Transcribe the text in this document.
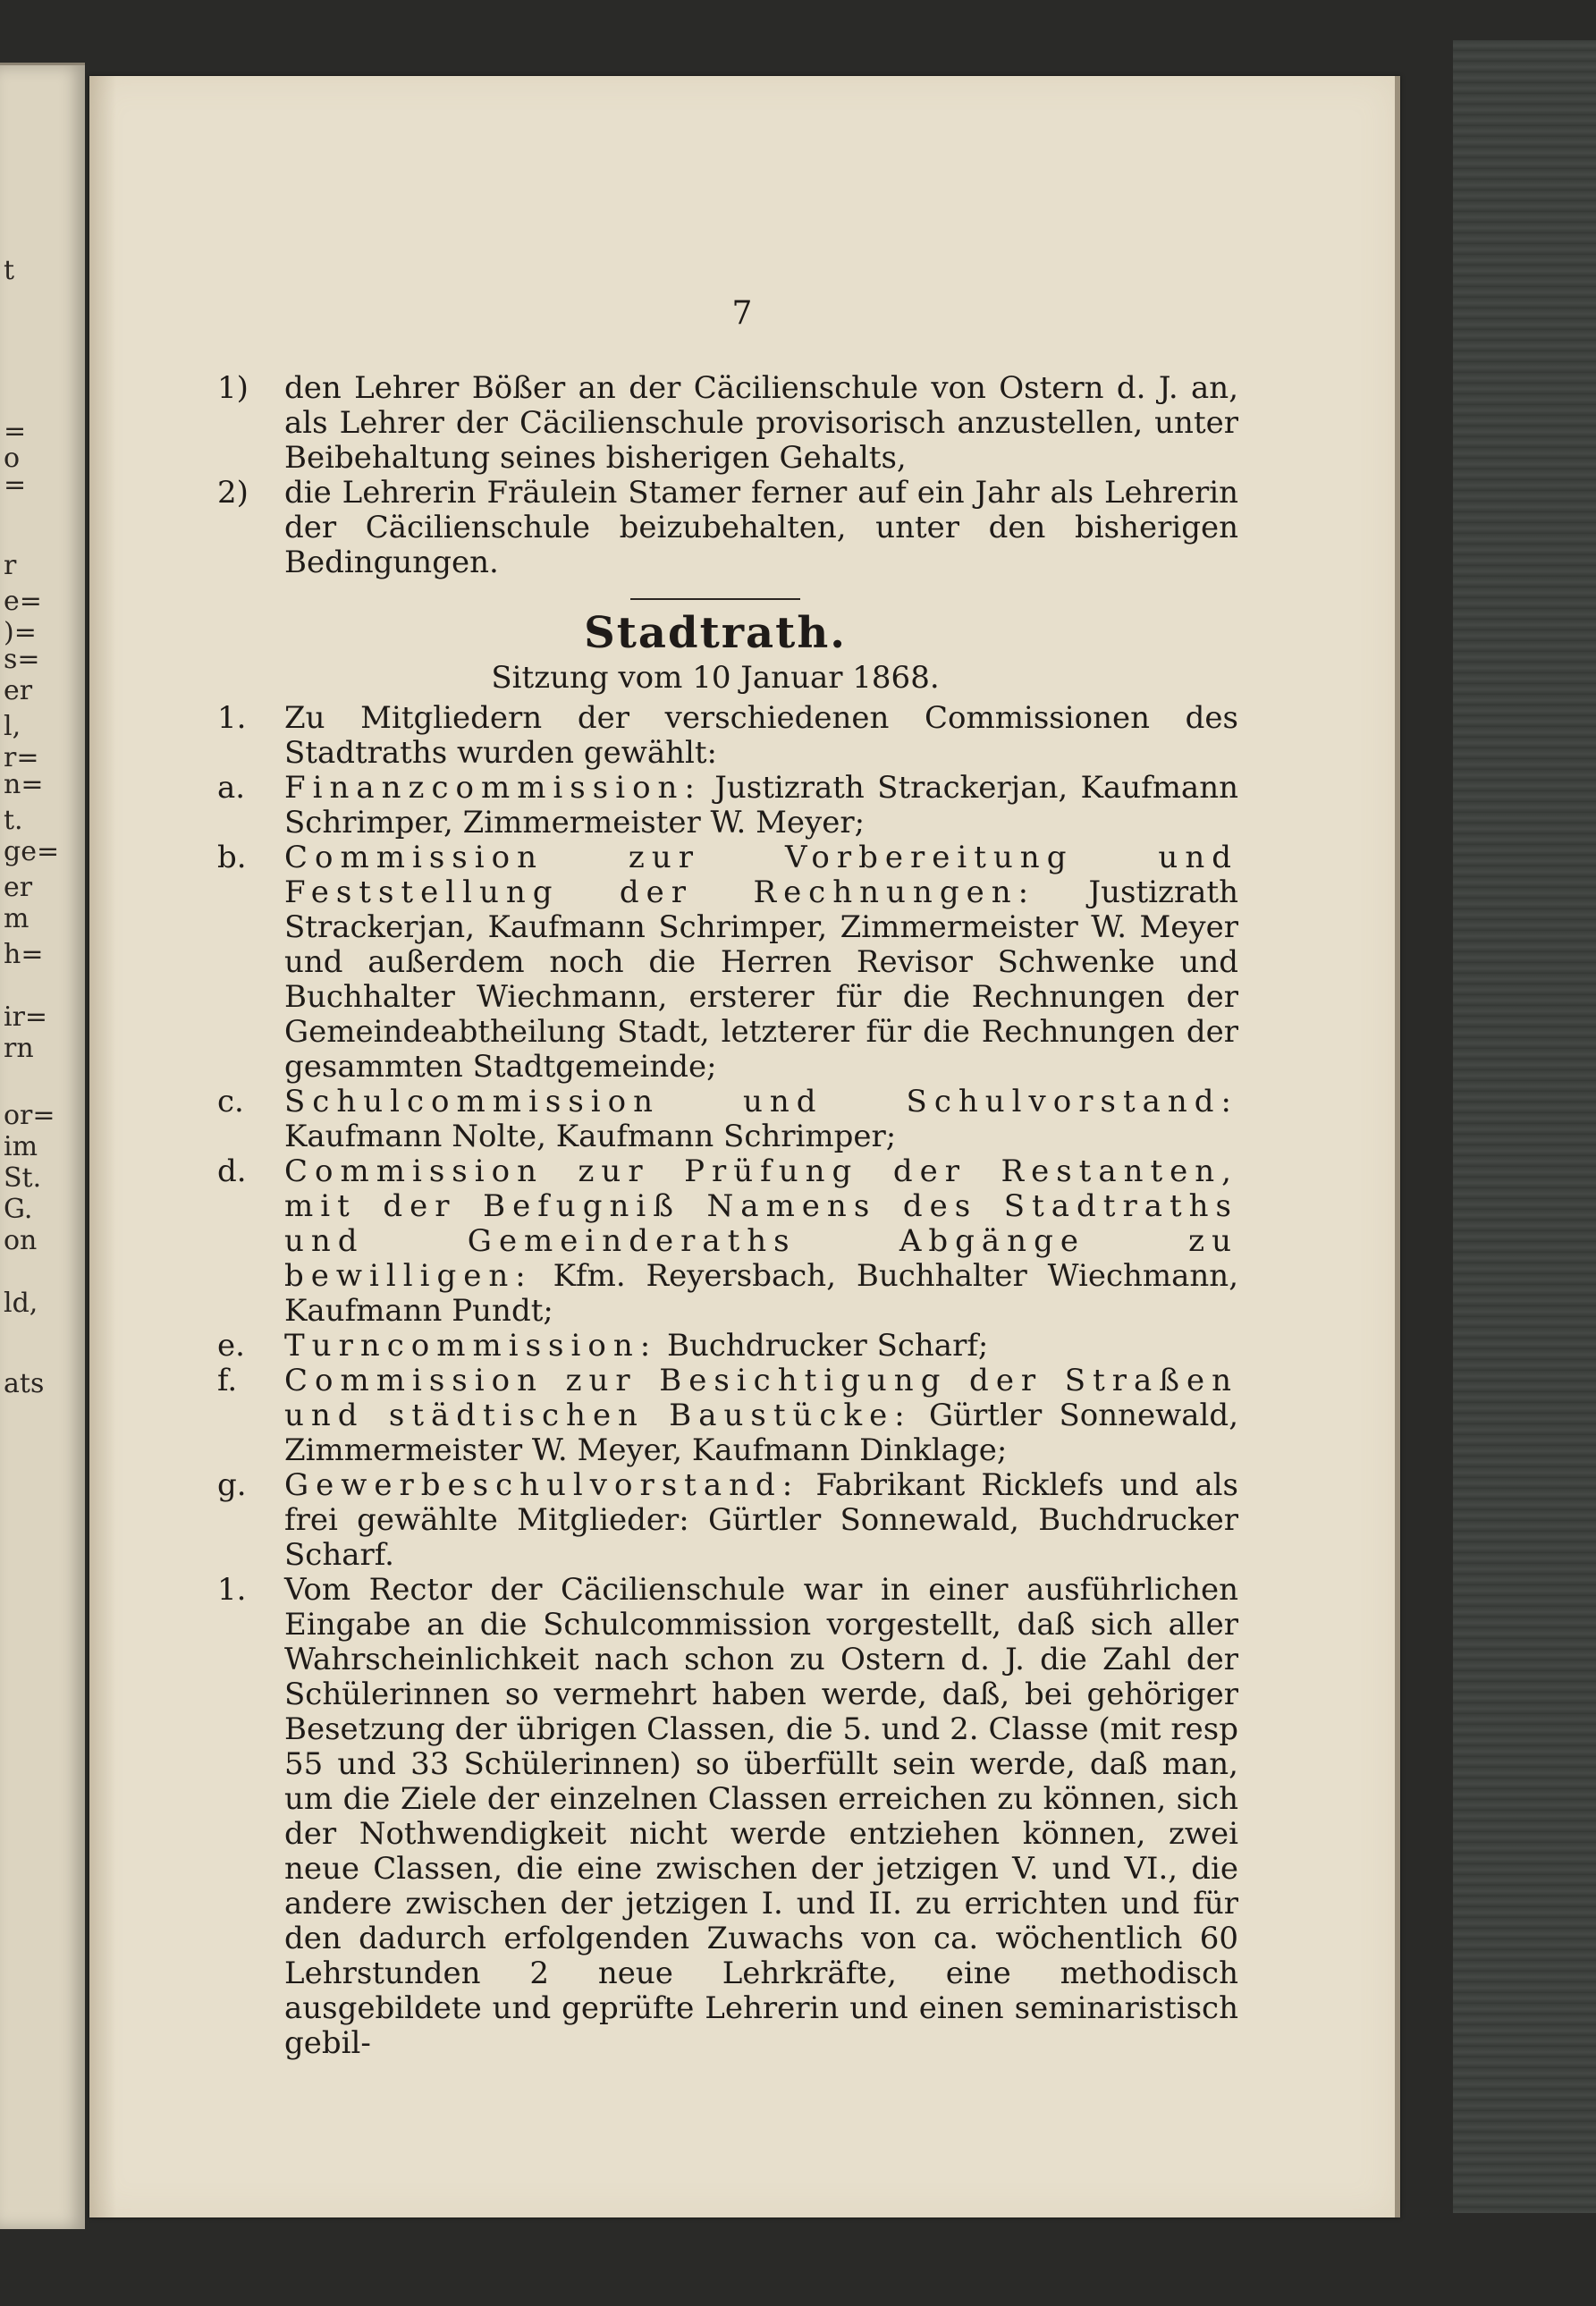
t
=
o
=
r
e=
)=
s=
er
l,
r=
n=
t.
ge=
er
m
h=
ir=
rn
or=
im
St.
G.
on
ld,
ats
7
1)	den Lehrer Bößer an der Cäcilienschule von Ostern d. J. an, als Lehrer der Cäcilienschule provisorisch anzustellen, unter Beibehaltung seines bisherigen Gehalts,
2)	die Lehrerin Fräulein Stamer ferner auf ein Jahr als Lehrerin der Cäcilienschule beizubehalten, unter den bisherigen Bedingungen.
Stadtrath.
Sitzung vom 10 Januar 1868.
1.	Zu Mitgliedern der verschiedenen Commissionen des Stadtraths wurden gewählt:
a.	Finanzcommission: Justizrath Strackerjan, Kaufmann Schrimper, Zimmermeister W. Meyer;
b.	Commission zur Vorbereitung und Feststellung der Rechnungen: Justizrath Strackerjan, Kaufmann Schrimper, Zimmermeister W. Meyer und außerdem noch die Herren Revisor Schwenke und Buchhalter Wiechmann, ersterer für die Rechnungen der Gemeindeabtheilung Stadt, letzterer für die Rechnungen der gesammten Stadtgemeinde;
c.	Schulcommission und Schulvorstand: Kaufmann Nolte, Kaufmann Schrimper;
d.	Commission zur Prüfung der Restanten, mit der Befugniß Namens des Stadtraths und Gemeinderaths Abgänge zu bewilligen: Kfm. Reyersbach, Buchhalter Wiechmann, Kaufmann Pundt;
e.	Turncommission: Buchdrucker Scharf;
f.	Commission zur Besichtigung der Straßen und städtischen Baustücke: Gürtler Sonnewald, Zimmermeister W. Meyer, Kaufmann Dinklage;
g.	Gewerbeschulvorstand: Fabrikant Ricklefs und als frei gewählte Mitglieder: Gürtler Sonnewald, Buchdrucker Scharf.
1.	Vom Rector der Cäcilienschule war in einer ausführlichen Eingabe an die Schulcommission vorgestellt, daß sich aller Wahrscheinlichkeit nach schon zu Ostern d. J. die Zahl der Schülerinnen so vermehrt haben werde, daß, bei gehöriger Besetzung der übrigen Classen, die 5. und 2. Classe (mit resp 55 und 33 Schülerinnen) so überfüllt sein werde, daß man, um die Ziele der einzelnen Classen erreichen zu können, sich der Nothwendigkeit nicht werde entziehen können, zwei neue Classen, die eine zwischen der jetzigen V. und VI., die andere zwischen der jetzigen I. und II. zu errichten und für den dadurch erfolgenden Zuwachs von ca. wöchentlich 60 Lehrstunden 2 neue Lehrkräfte, eine methodisch ausgebildete und geprüfte Lehrerin und einen seminaristisch gebil-
